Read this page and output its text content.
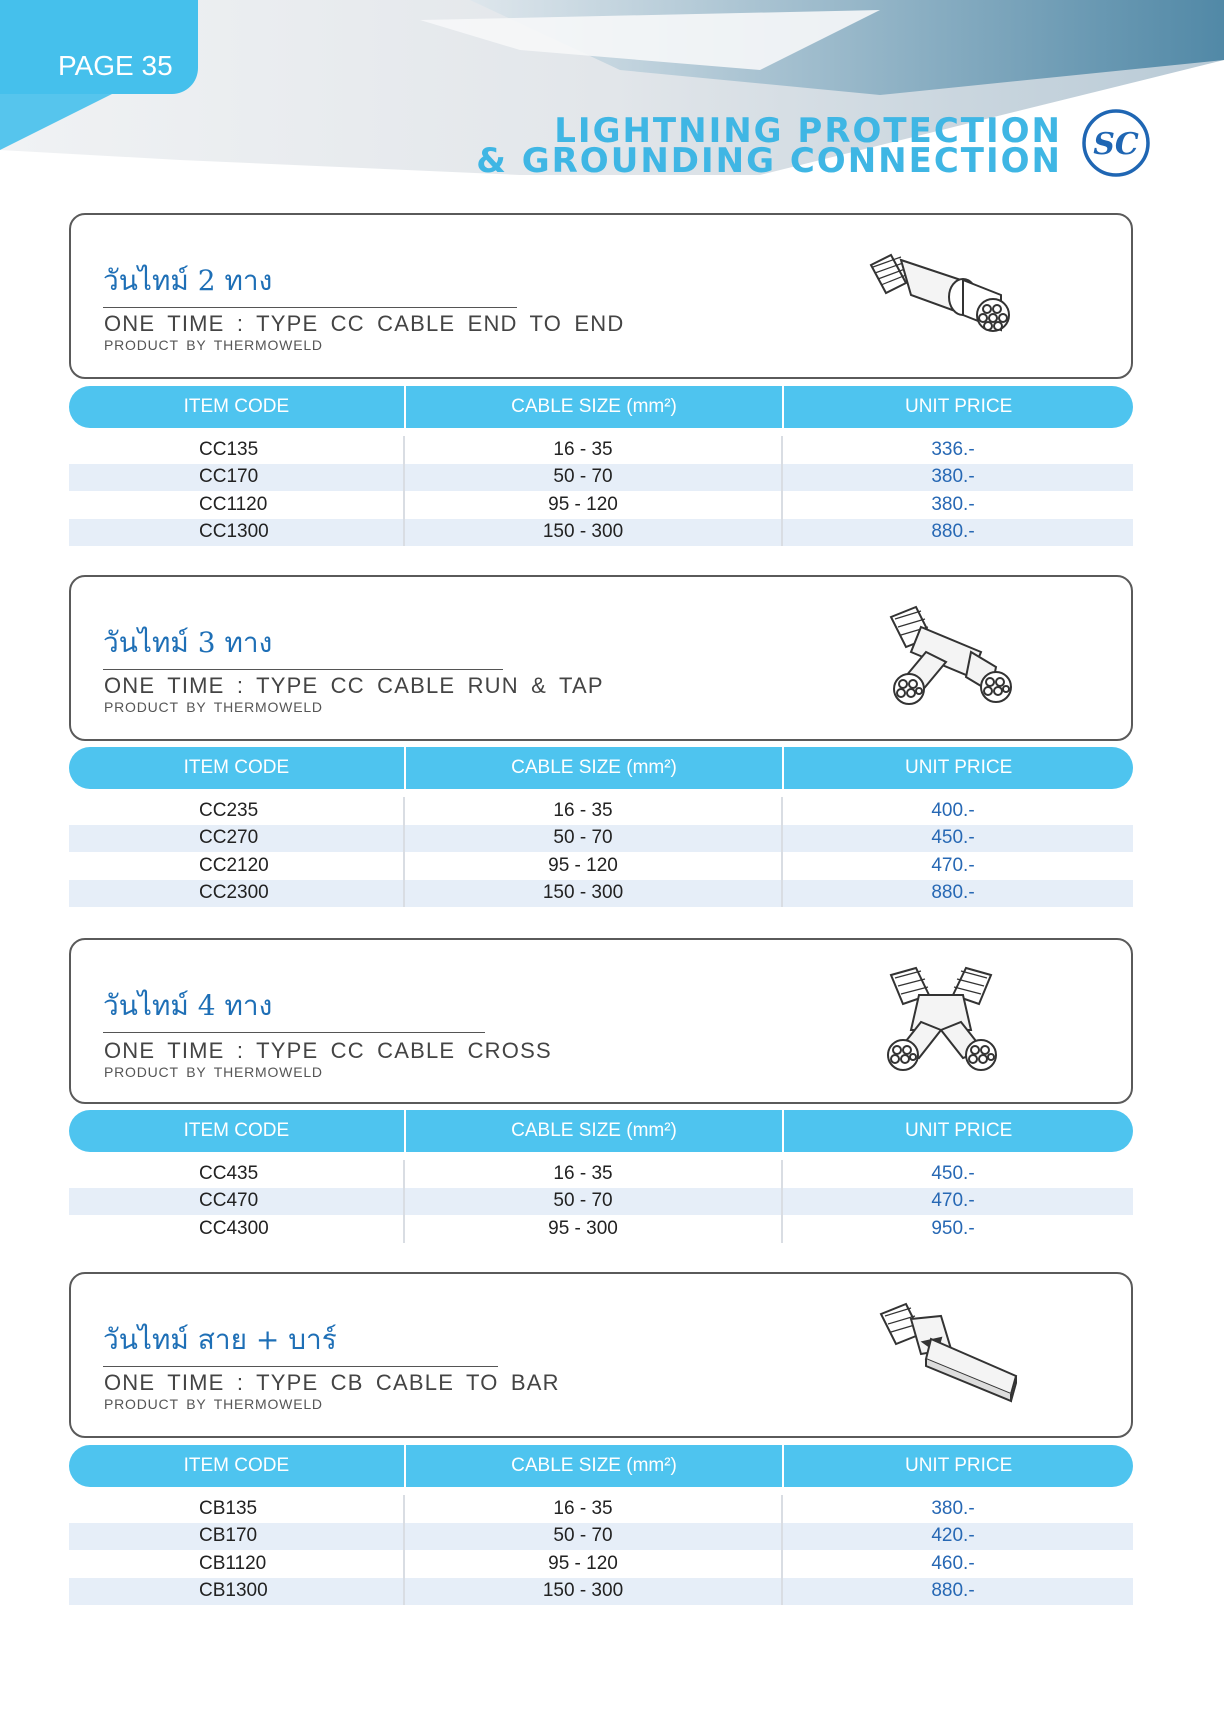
PAGE 35
LIGHTNING PROTECTION
& GROUNDING CONNECTION SC
วันไทม์ 2 ทาง
ONE TIME : TYPE CC CABLE END TO END
PRODUCT BY THERMOWELD
ITEM CODE	CABLE SIZE (mm²)	UNIT PRICE
CC135	16 - 35	336.-
CC170	50 - 70	380.-
CC1120	95 - 120	380.-
CC1300	150 - 300	880.-
วันไทม์ 3 ทาง
ONE TIME : TYPE CC CABLE RUN & TAP
PRODUCT BY THERMOWELD
ITEM CODE	CABLE SIZE (mm²)	UNIT PRICE
CC235	16 - 35	400.-
CC270	50 - 70	450.-
CC2120	95 - 120	470.-
CC2300	150 - 300	880.-
วันไทม์ 4 ทาง
ONE TIME : TYPE CC CABLE CROSS
PRODUCT BY THERMOWELD
ITEM CODE	CABLE SIZE (mm²)	UNIT PRICE
CC435	16 - 35	450.-
CC470	50 - 70	470.-
CC4300	95 - 300	950.-
วันไทม์ สาย + บาร์
ONE TIME : TYPE CB CABLE TO BAR
PRODUCT BY THERMOWELD
ITEM CODE	CABLE SIZE (mm²)	UNIT PRICE
CB135	16 - 35	380.-
CB170	50 - 70	420.-
CB1120	95 - 120	460.-
CB1300	150 - 300	880.-
